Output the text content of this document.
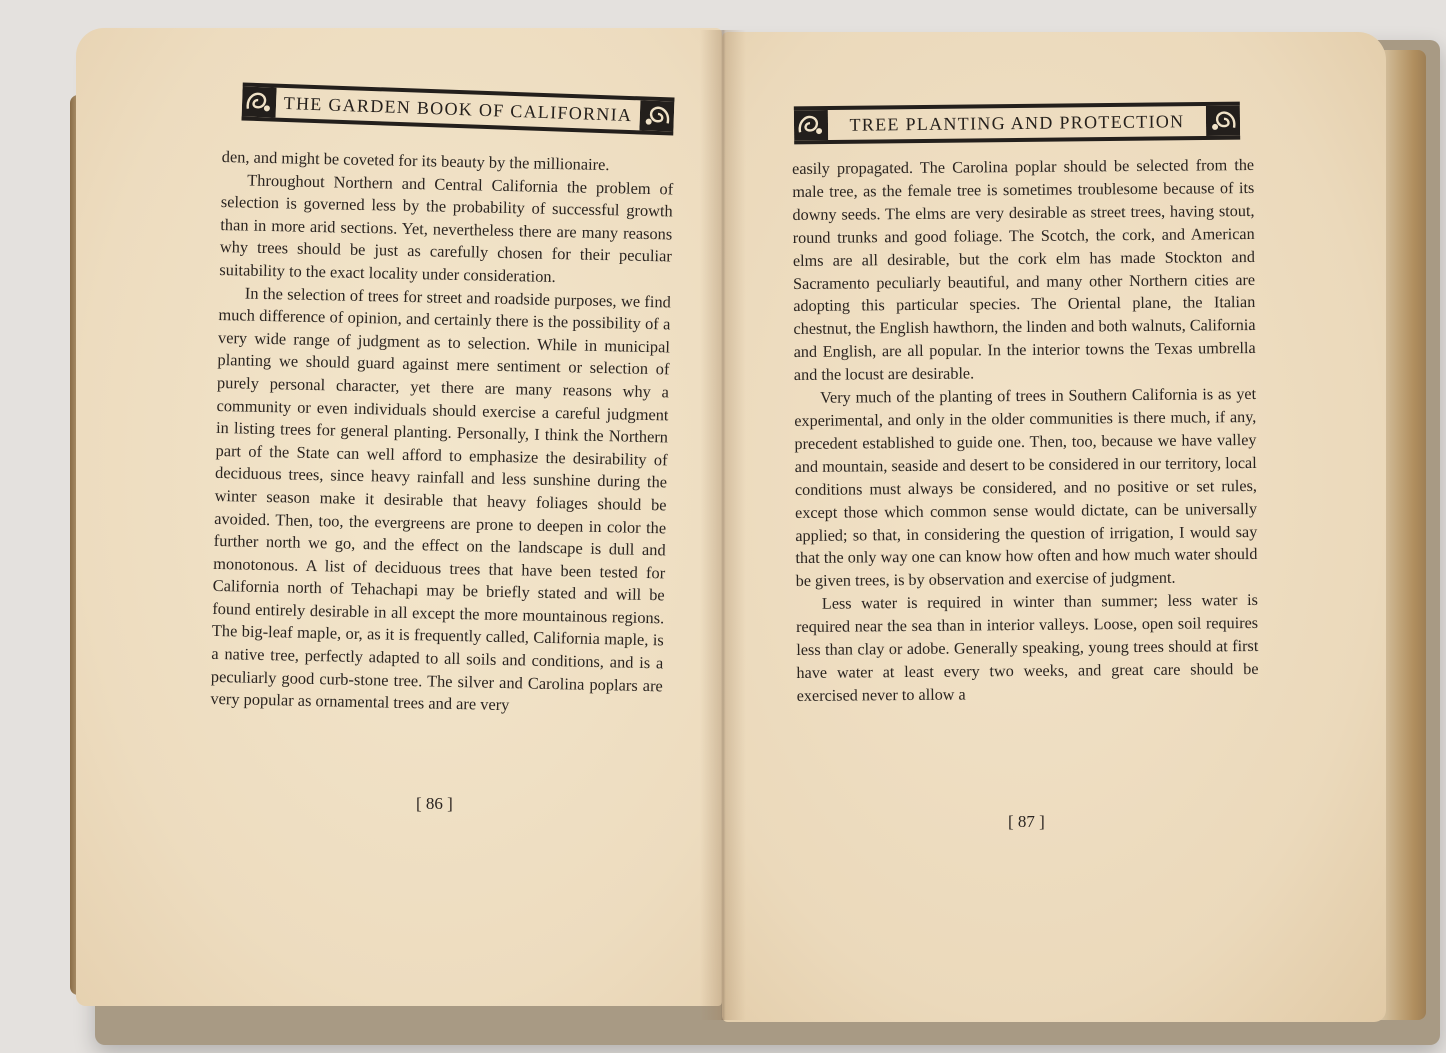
THE GARDEN BOOK OF CALIFORNIA

den, and might be coveted for its beauty by the millionaire.

Throughout Northern and Central California the problem of selection is governed less by the probability of successful growth than in more arid sections. Yet, nevertheless there are many reasons why trees should be just as carefully chosen for their peculiar suitability to the exact locality under consideration.

In the selection of trees for street and roadside purposes, we find much difference of opinion, and certainly there is the possibility of a very wide range of judgment as to selection. While in municipal planting we should guard against mere sentiment or selection of purely personal character, yet there are many reasons why a community or even individuals should exercise a careful judgment in listing trees for general planting. Personally, I think the Northern part of the State can well afford to emphasize the desirability of deciduous trees, since heavy rainfall and less sunshine during the winter season make it desirable that heavy foliages should be avoided. Then, too, the evergreens are prone to deepen in color the further north we go, and the effect on the landscape is dull and monotonous. A list of deciduous trees that have been tested for California north of Tehachapi may be briefly stated and will be found entirely desirable in all except the more mountainous regions. The big-leaf maple, or, as it is frequently called, California maple, is a native tree, perfectly adapted to all soils and conditions, and is a peculiarly good curb-stone tree. The silver and Carolina poplars are very popular as ornamental trees and are very

[ 86 ]
TREE PLANTING AND PROTECTION

easily propagated. The Carolina poplar should be selected from the male tree, as the female tree is sometimes troublesome because of its downy seeds. The elms are very desirable as street trees, having stout, round trunks and good foliage. The Scotch, the cork, and American elms are all desirable, but the cork elm has made Stockton and Sacramento peculiarly beautiful, and many other Northern cities are adopting this particular species. The Oriental plane, the Italian chestnut, the English hawthorn, the linden and both walnuts, California and English, are all popular. In the interior towns the Texas umbrella and the locust are desirable.

Very much of the planting of trees in Southern California is as yet experimental, and only in the older communities is there much, if any, precedent established to guide one. Then, too, because we have valley and mountain, seaside and desert to be considered in our territory, local conditions must always be considered, and no positive or set rules, except those which common sense would dictate, can be universally applied; so that, in considering the question of irrigation, I would say that the only way one can know how often and how much water should be given trees, is by observation and exercise of judgment.

Less water is required in winter than summer; less water is required near the sea than in interior valleys. Loose, open soil requires less than clay or adobe. Generally speaking, young trees should at first have water at least every two weeks, and great care should be exercised never to allow a

[ 87 ]
